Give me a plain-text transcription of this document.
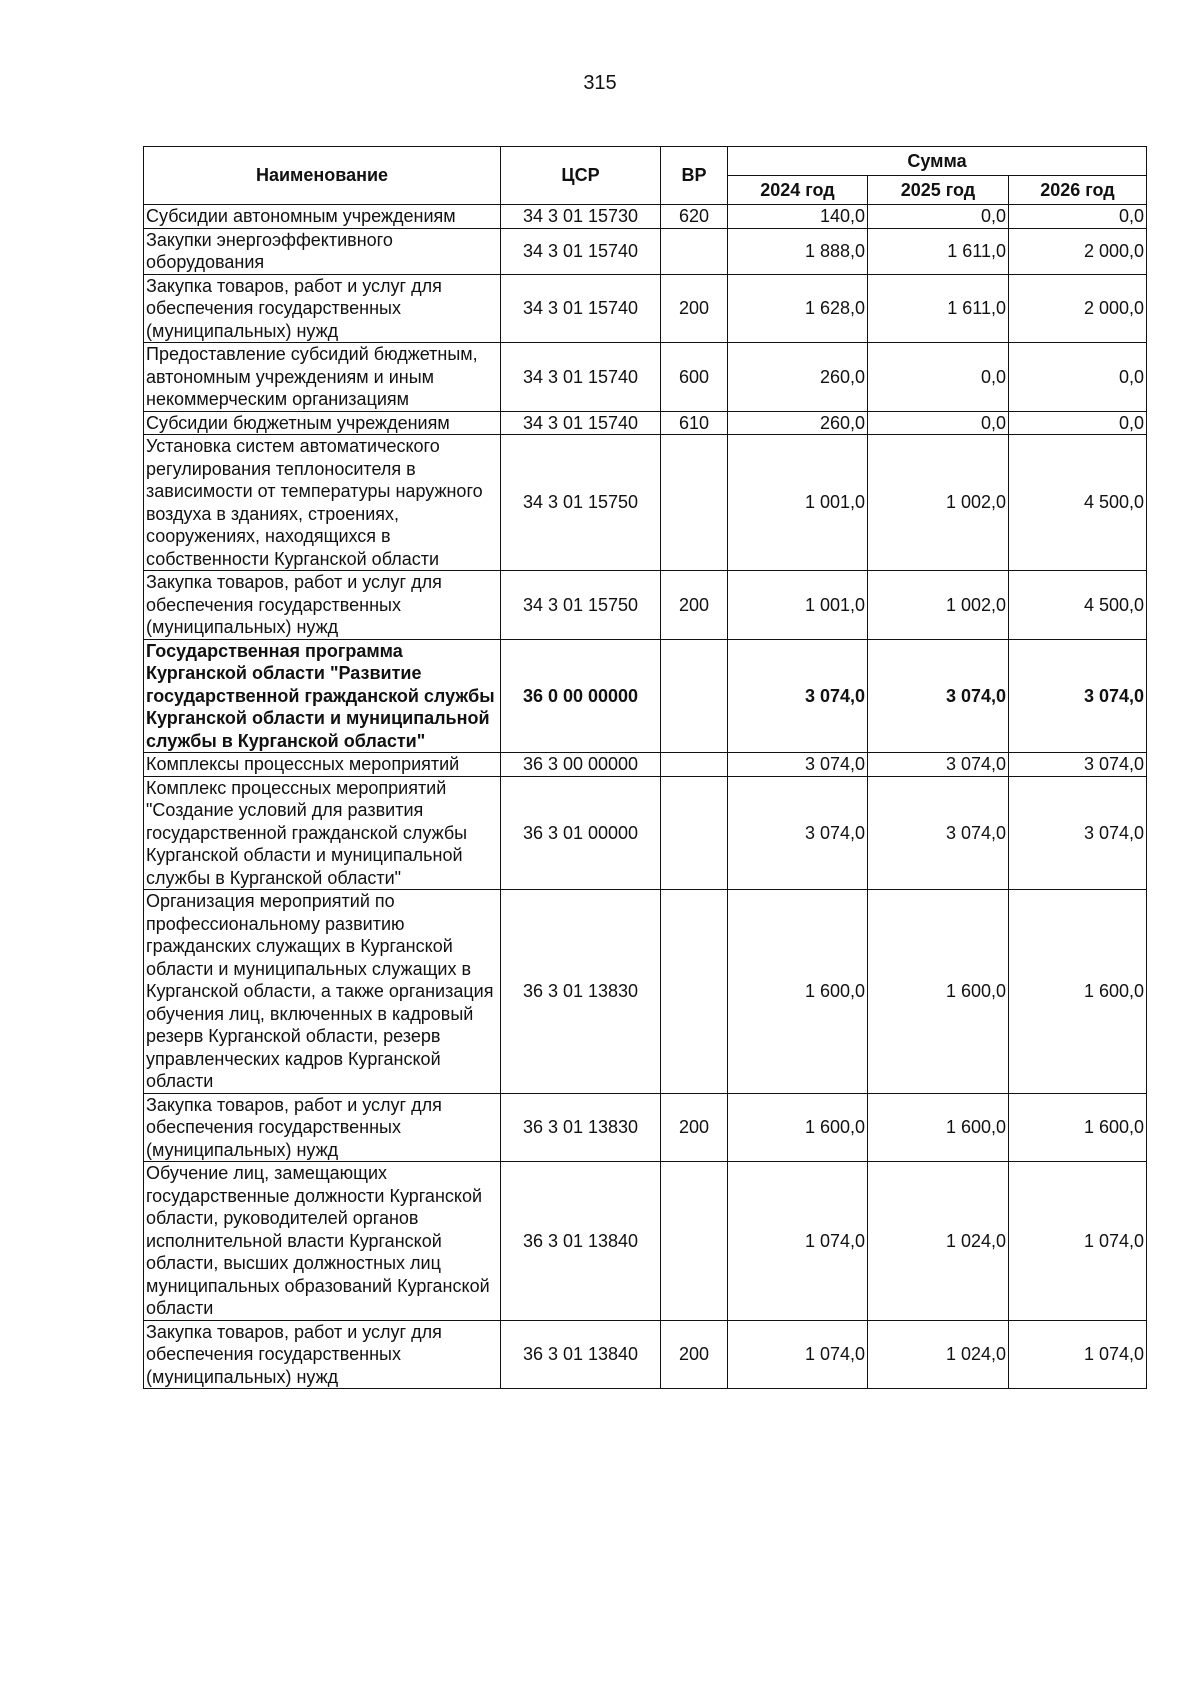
315
Наименование	ЦСР	ВР	Сумма		
			2024 год	2025 год	2026 год
Субсидии автономным учреждениям	34 3 01 15730	620	140,0	0,0	0,0
Закупки энергоэффективного оборудования	34 3 01 15740		1 888,0	1 611,0	2 000,0
Закупка товаров, работ и услуг для обеспечения государственных (муниципальных) нужд	34 3 01 15740	200	1 628,0	1 611,0	2 000,0
Предоставление субсидий бюджетным, автономным учреждениям и иным некоммерческим организациям	34 3 01 15740	600	260,0	0,0	0,0
Субсидии бюджетным учреждениям	34 3 01 15740	610	260,0	0,0	0,0
Установка систем автоматического регулирования теплоносителя в зависимости от температуры наружного воздуха в зданиях, строениях, сооружениях, находящихся в собственности Курганской области	34 3 01 15750		1 001,0	1 002,0	4 500,0
Закупка товаров, работ и услуг для обеспечения государственных (муниципальных) нужд	34 3 01 15750	200	1 001,0	1 002,0	4 500,0
Государственная программа Курганской области "Развитие государственной гражданской службы Курганской области и муниципальной службы в Курганской области"	36 0 00 00000		3 074,0	3 074,0	3 074,0
Комплексы процессных мероприятий	36 3 00 00000		3 074,0	3 074,0	3 074,0
Комплекс процессных мероприятий "Создание условий для развития государственной гражданской службы Курганской области и муниципальной службы в Курганской области"	36 3 01 00000		3 074,0	3 074,0	3 074,0
Организация мероприятий по профессиональному развитию гражданских служащих в Курганской области и муниципальных служащих в Курганской области, а также организация обучения лиц, включенных в кадровый резерв Курганской области, резерв управленческих кадров Курганской области	36 3 01 13830		1 600,0	1 600,0	1 600,0
Закупка товаров, работ и услуг для обеспечения государственных (муниципальных) нужд	36 3 01 13830	200	1 600,0	1 600,0	1 600,0
Обучение лиц, замещающих государственные должности Курганской области, руководителей органов исполнительной власти Курганской области, высших должностных лиц муниципальных образований Курганской области	36 3 01 13840		1 074,0	1 024,0	1 074,0
Закупка товаров, работ и услуг для обеспечения государственных (муниципальных) нужд	36 3 01 13840	200	1 074,0	1 024,0	1 074,0
